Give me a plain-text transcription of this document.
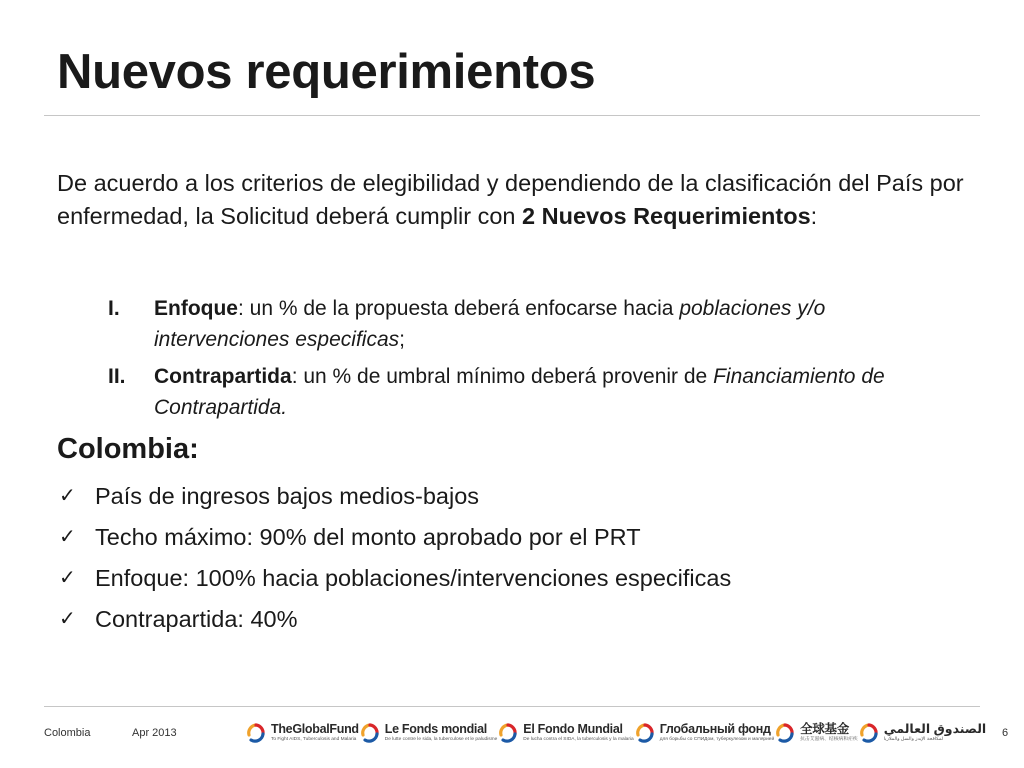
Nuevos requerimientos
De acuerdo a los criterios de elegibilidad y dependiendo de la clasificación del País por enfermedad, la Solicitud deberá cumplir con 2 Nuevos Requerimientos:
I. Enfoque: un % de la propuesta deberá enfocarse hacia poblaciones y/o intervenciones especificas;
II. Contrapartida: un % de umbral mínimo deberá provenir de Financiamiento de Contrapartida.
Colombia:
✓ País de ingresos bajos medios-bajos
✓ Techo máximo: 90% del monto aprobado por el PRT
✓ Enfoque: 100% hacia poblaciones/intervenciones especificas
✓ Contrapartida: 40%
Colombia	Apr 2013	6
TheGlobalFund
To Fight AIDS, Tuberculosis and Malaria
Le Fonds mondial
De lutte contre le sida, la tuberculose et le paludisme
El Fondo Mundial
De lucha contra el SIDA, la tuberculosis y la malaria
Глобальный фонд
для борьбы со СПИДом, туберкулезом и малярией
全球基金
抗击艾滋病、结核病和疟疾
الصندوق العالمي
لمكافحة الإيدز والسل والملاريا
